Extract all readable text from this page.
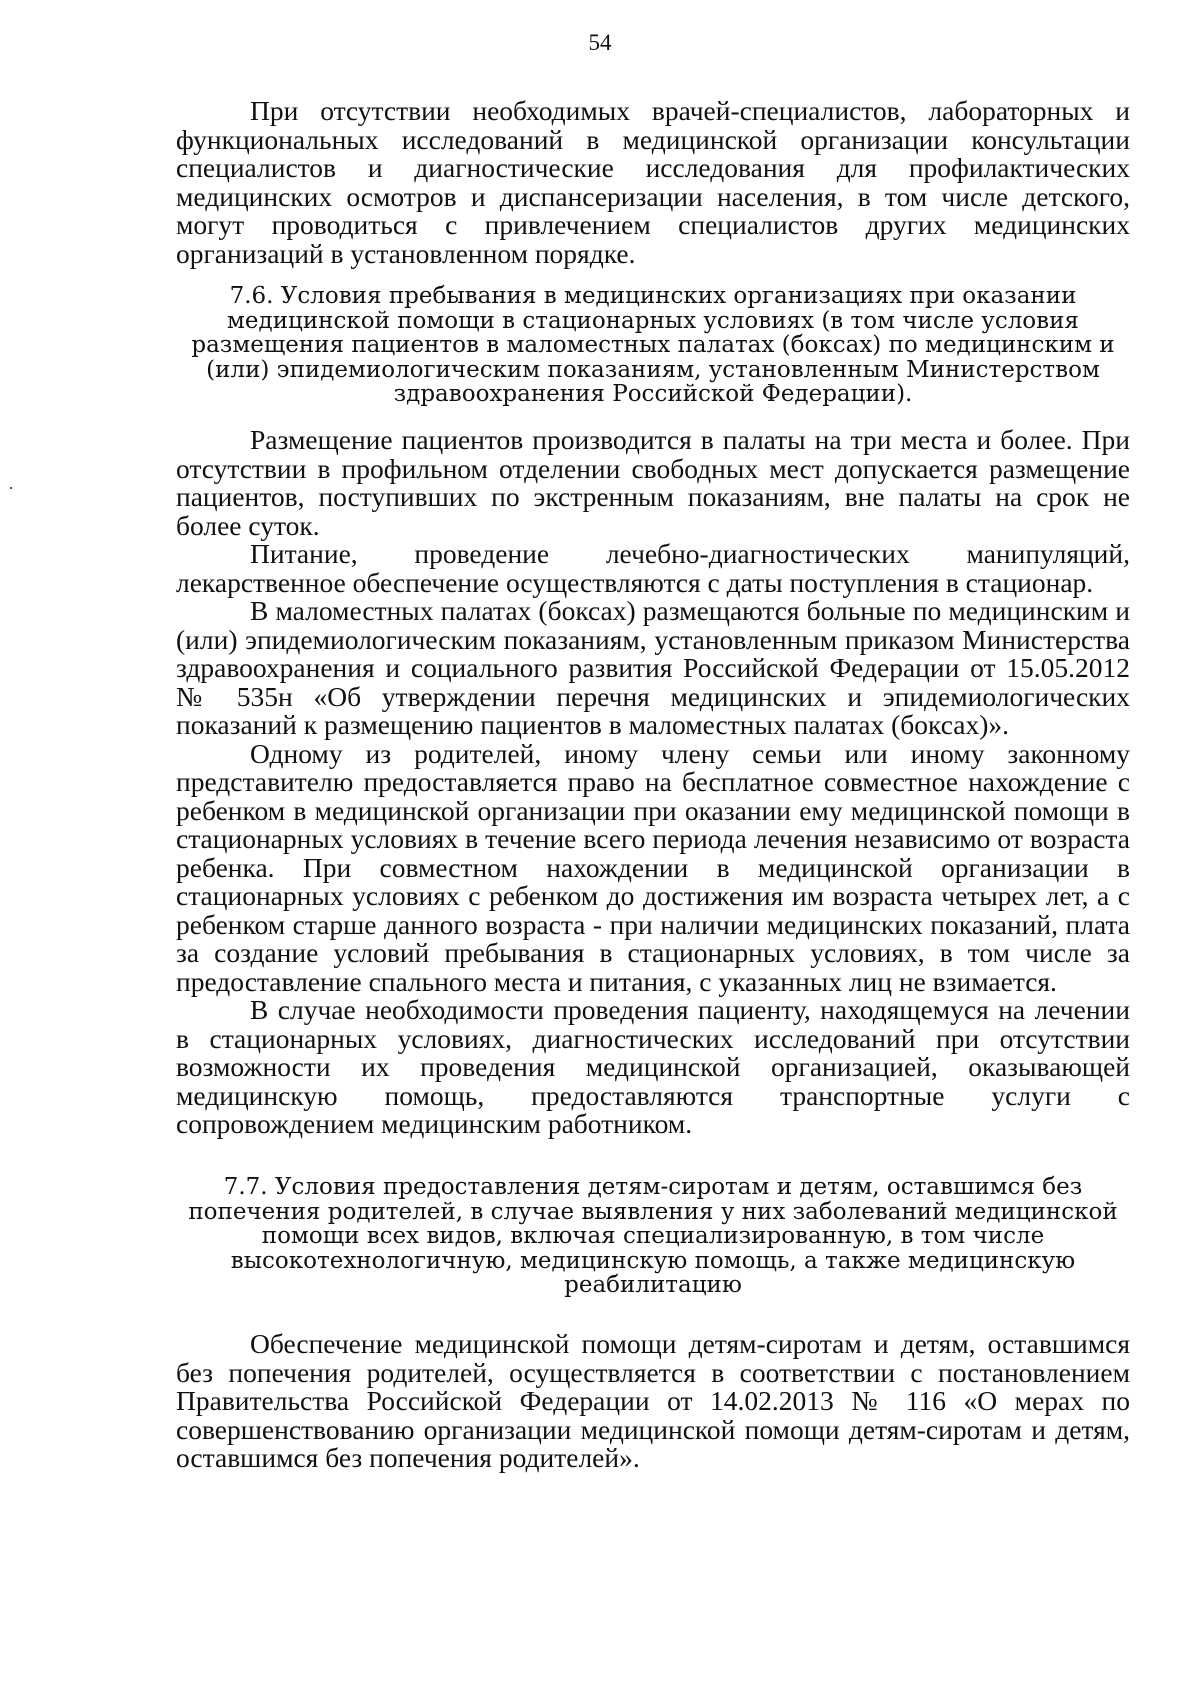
54

При отсутствии необходимых врачей-специалистов, лабораторных и функциональных исследований в медицинской организации консультации специалистов и диагностические исследования для профилактических медицинских осмотров и диспансеризации населения, в том числе детского, могут проводиться с привлечением специалистов других медицинских организаций в установленном порядке.

7.6. Условия пребывания в медицинских организациях при оказании медицинской помощи в стационарных условиях (в том числе условия размещения пациентов в маломестных палатах (боксах) по медицинским и (или) эпидемиологическим показаниям, установленным Министерством здравоохранения Российской Федерации).

Размещение пациентов производится в палаты на три места и более. При отсутствии в профильном отделении свободных мест допускается размещение пациентов, поступивших по экстренным показаниям, вне палаты на срок не более суток.

Питание, проведение лечебно-диагностических манипуляций, лекарственное обеспечение осуществляются с даты поступления в стационар.

В маломестных палатах (боксах) размещаются больные по медицинским и (или) эпидемиологическим показаниям, установленным приказом Министерства здравоохранения и социального развития Российской Федерации от 15.05.2012 № 535н «Об утверждении перечня медицинских и эпидемиологических показаний к размещению пациентов в маломестных палатах (боксах)».

Одному из родителей, иному члену семьи или иному законному представителю предоставляется право на бесплатное совместное нахождение с ребенком в медицинской организации при оказании ему медицинской помощи в стационарных условиях в течение всего периода лечения независимо от возраста ребенка. При совместном нахождении в медицинской организации в стационарных условиях с ребенком до достижения им возраста четырех лет, а с ребенком старше данного возраста - при наличии медицинских показаний, плата за создание условий пребывания в стационарных условиях, в том числе за предоставление спального места и питания, с указанных лиц не взимается.

В случае необходимости проведения пациенту, находящемуся на лечении в стационарных условиях, диагностических исследований при отсутствии возможности их проведения медицинской организацией, оказывающей медицинскую помощь, предоставляются транспортные услуги с сопровождением медицинским работником.

7.7. Условия предоставления детям-сиротам и детям, оставшимся без попечения родителей, в случае выявления у них заболеваний медицинской помощи всех видов, включая специализированную, в том числе высокотехнологичную, медицинскую помощь, а также медицинскую реабилитацию

Обеспечение медицинской помощи детям-сиротам и детям, оставшимся без попечения родителей, осуществляется в соответствии с постановлением Правительства Российской Федерации от 14.02.2013 № 116 «О мерах по совершенствованию организации медицинской помощи детям-сиротам и детям, оставшимся без попечения родителей».
